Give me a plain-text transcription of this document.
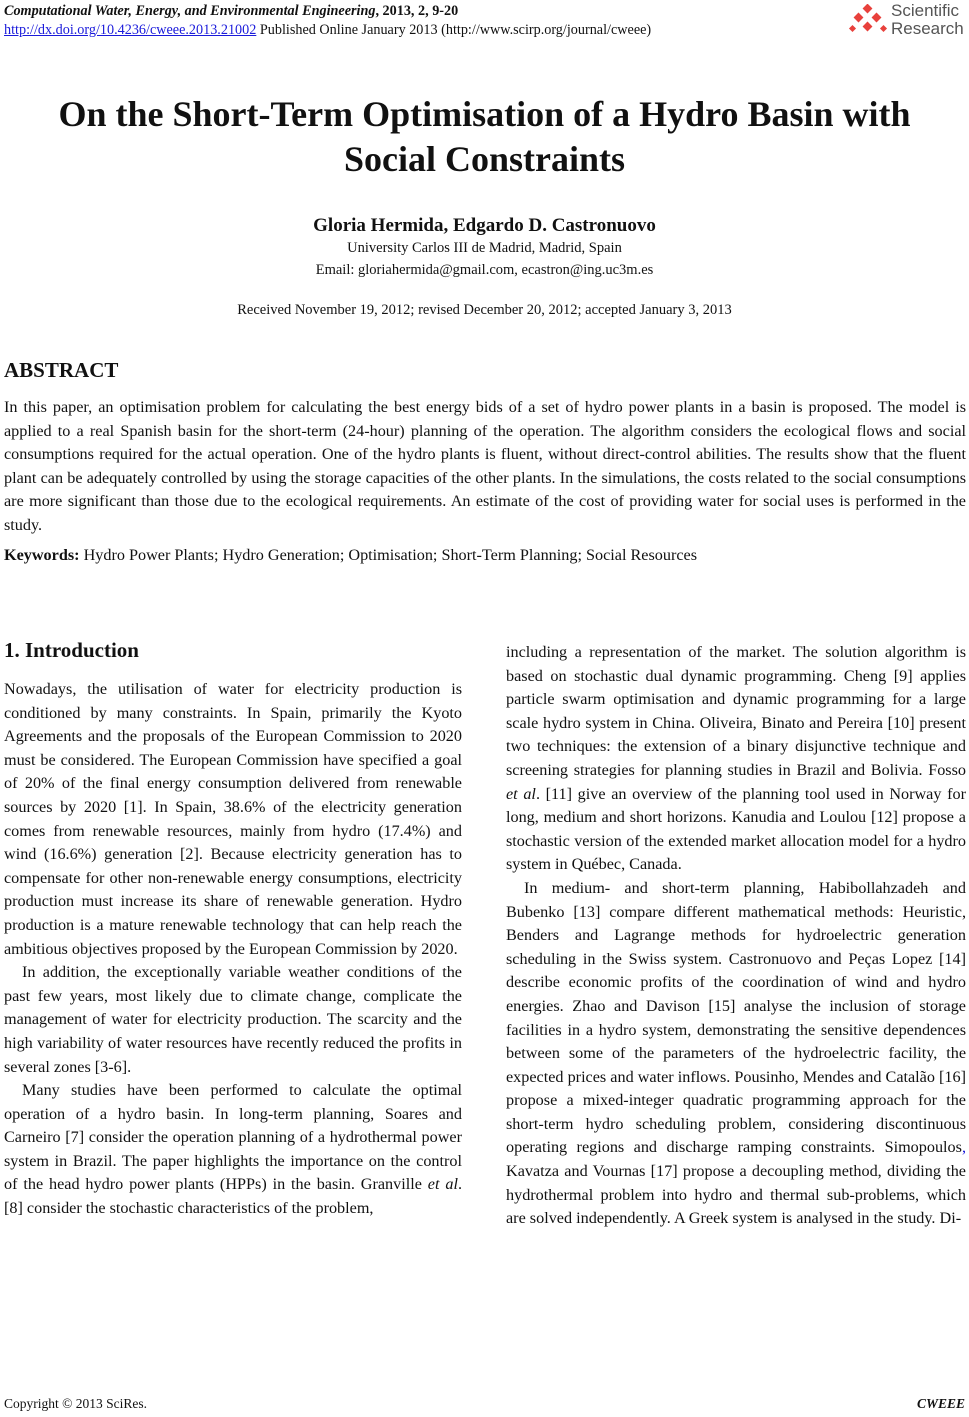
Computational Water, Energy, and Environmental Engineering, 2013, 2, 9-20
http://dx.doi.org/10.4236/cweee.2013.21002 Published Online January 2013 (http://www.scirp.org/journal/cweee)
Scientific
Research
On the Short-Term Optimisation of a Hydro Basin with
Social Constraints
Gloria Hermida, Edgardo D. Castronuovo
University Carlos III de Madrid, Madrid, Spain
Email: gloriahermida@gmail.com, ecastron@ing.uc3m.es
Received November 19, 2012; revised December 20, 2012; accepted January 3, 2013
ABSTRACT
In this paper, an optimisation problem for calculating the best energy bids of a set of hydro power plants in a basin is proposed. The model is applied to a real Spanish basin for the short-term (24-hour) planning of the operation. The algorithm considers the ecological flows and social consumptions required for the actual operation. One of the hydro plants is fluent, without direct-control abilities. The results show that the fluent plant can be adequately controlled by using the storage capacities of the other plants. In the simulations, the costs related to the social consumptions are more significant than those due to the ecological requirements. An estimate of the cost of providing water for social uses is performed in the study.
Keywords: Hydro Power Plants; Hydro Generation; Optimisation; Short-Term Planning; Social Resources
1. Introduction

Nowadays, the utilisation of water for electricity production is conditioned by many constraints. In Spain, primarily the Kyoto Agreements and the proposals of the European Commission to 2020 must be considered. The European Commission have specified a goal of 20% of the final energy consumption delivered from renewable sources by 2020 [1]. In Spain, 38.6% of the electricity generation comes from renewable resources, mainly from hydro (17.4%) and wind (16.6%) generation [2]. Because electricity generation has to compensate for other non-renewable energy consumptions, electricity production must increase its share of renewable generation. Hydro production is a mature renewable technology that can help reach the ambitious objectives proposed by the European Commission by 2020.

In addition, the exceptionally variable weather conditions of the past few years, most likely due to climate change, complicate the management of water for electricity production. The scarcity and the high variability of water resources have recently reduced the profits in several zones [3-6].

Many studies have been performed to calculate the optimal operation of a hydro basin. In long-term planning, Soares and Carneiro [7] consider the operation planning of a hydrothermal power system in Brazil. The paper highlights the importance on the control of the head hydro power plants (HPPs) in the basin. Granville et al. [8] consider the stochastic characteristics of the problem,

including a representation of the market. The solution algorithm is based on stochastic dual dynamic programming. Cheng [9] applies particle swarm optimisation and dynamic programming for a large scale hydro system in China. Oliveira, Binato and Pereira [10] present two techniques: the extension of a binary disjunctive technique and screening strategies for planning studies in Brazil and Bolivia. Fosso et al. [11] give an overview of the planning tool used in Norway for long, medium and short horizons. Kanudia and Loulou [12] propose a stochastic version of the extended market allocation model for a hydro system in Québec, Canada.

In medium- and short-term planning, Habibollahzadeh and Bubenko [13] compare different mathematical methods: Heuristic, Benders and Lagrange methods for hydroelectric generation scheduling in the Swiss system. Castronuovo and Peças Lopez [14] describe economic profits of the coordination of wind and hydro energies. Zhao and Davison [15] analyse the inclusion of storage facilities in a hydro system, demonstrating the sensitive dependences between some of the parameters of the hydroelectric facility, the expected prices and water inflows. Pousinho, Mendes and Catalão [16] propose a mixed-integer quadratic programming approach for the short-term hydro scheduling problem, considering discontinuous operating regions and discharge ramping constraints. Simopoulos, Kavatza and Vournas [17] propose a decoupling method, dividing the hydrothermal problem into hydro and thermal sub-problems, which are solved independently. A Greek system is analysed in the study. Di-

Copyright © 2013 SciRes.	CWEEE
